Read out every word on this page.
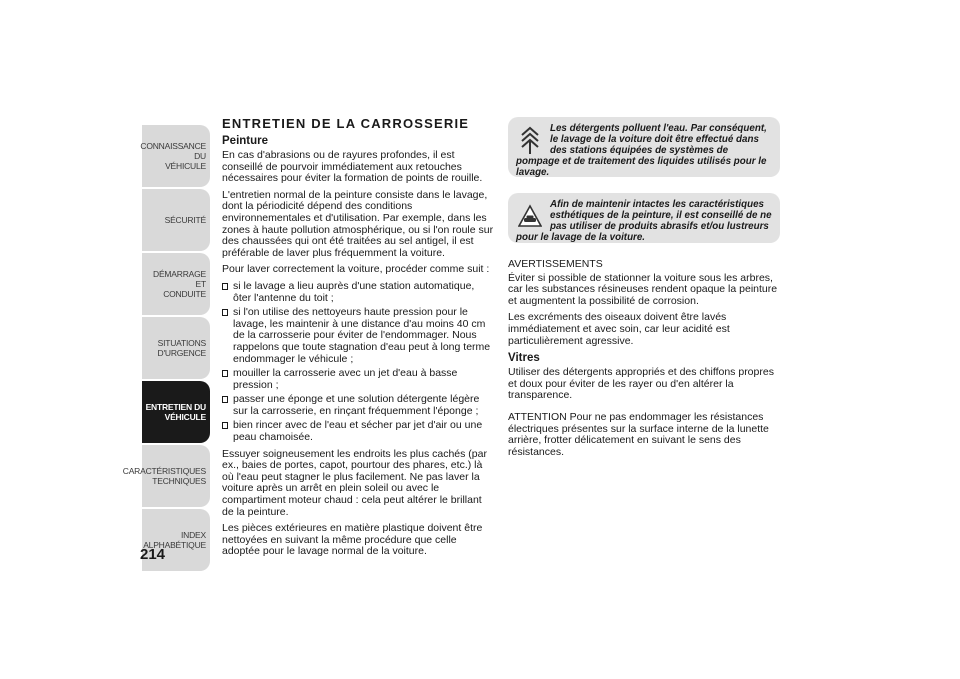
CONNAISSANCE DU
VÉHICULE
SÉCURITÉ
DÉMARRAGE ET
CONDUITE
SITUATIONS
D'URGENCE
ENTRETIEN DU
VÉHICULE
CARACTÉRISTIQUES
TECHNIQUES
INDEX
ALPHABÉTIQUE
214
ENTRETIEN DE LA CARROSSERIE
Peinture

En cas d'abrasions ou de rayures profondes, il est conseillé de pourvoir immédiatement aux retouches nécessaires pour éviter la formation de points de rouille.

L'entretien normal de la peinture consiste dans le lavage, dont la périodicité dépend des conditions environnementales et d'utilisation. Par exemple, dans les zones à haute pollution atmosphérique, ou si l'on roule sur des chaussées qui ont été traitées au sel antigel, il est préférable de laver plus fréquemment la voiture.

Pour laver correctement la voiture, procéder comme suit :

si le lavage a lieu auprès d'une station automatique, ôter l'antenne du toit ;
si l'on utilise des nettoyeurs haute pression pour le lavage, les maintenir à une distance d'au moins 40 cm de la carrosserie pour éviter de l'endommager. Nous rappelons que toute stagnation d'eau peut à long terme endommager le véhicule ;
mouiller la carrosserie avec un jet d'eau à basse pression ;
passer une éponge et une solution détergente légère sur la carrosserie, en rinçant fréquemment l'éponge ;
bien rincer avec de l'eau et sécher par jet d'air ou une peau chamoisée.

Essuyer soigneusement les endroits les plus cachés (par ex., baies de portes, capot, pourtour des phares, etc.) là où l'eau peut stagner le plus facilement. Ne pas laver la voiture après un arrêt en plein soleil ou avec le compartiment moteur chaud : cela peut altérer le brillant de la peinture.

Les pièces extérieures en matière plastique doivent être nettoyées en suivant la même procédure que celle adoptée pour le lavage normal de la voiture.

Les détergents polluent l'eau. Par conséquent, le lavage de la voiture doit être effectué dans des stations équipées de systèmes de pompage et de traitement des liquides utilisés pour le lavage.
Afin de maintenir intactes les caractéristiques esthétiques de la peinture, il est conseillé de ne pas utiliser de produits abrasifs et/ou lustreurs pour le lavage de la voiture.

AVERTISSEMENTS

Éviter si possible de stationner la voiture sous les arbres, car les substances résineuses rendent opaque la peinture et augmentent la possibilité de corrosion.

Les excréments des oiseaux doivent être lavés immédiatement et avec soin, car leur acidité est particulièrement agressive.

Vitres

Utiliser des détergents appropriés et des chiffons propres et doux pour éviter de les rayer ou d'en altérer la transparence.

ATTENTION Pour ne pas endommager les résistances électriques présentes sur la surface interne de la lunette arrière, frotter délicatement en suivant le sens des résistances.
